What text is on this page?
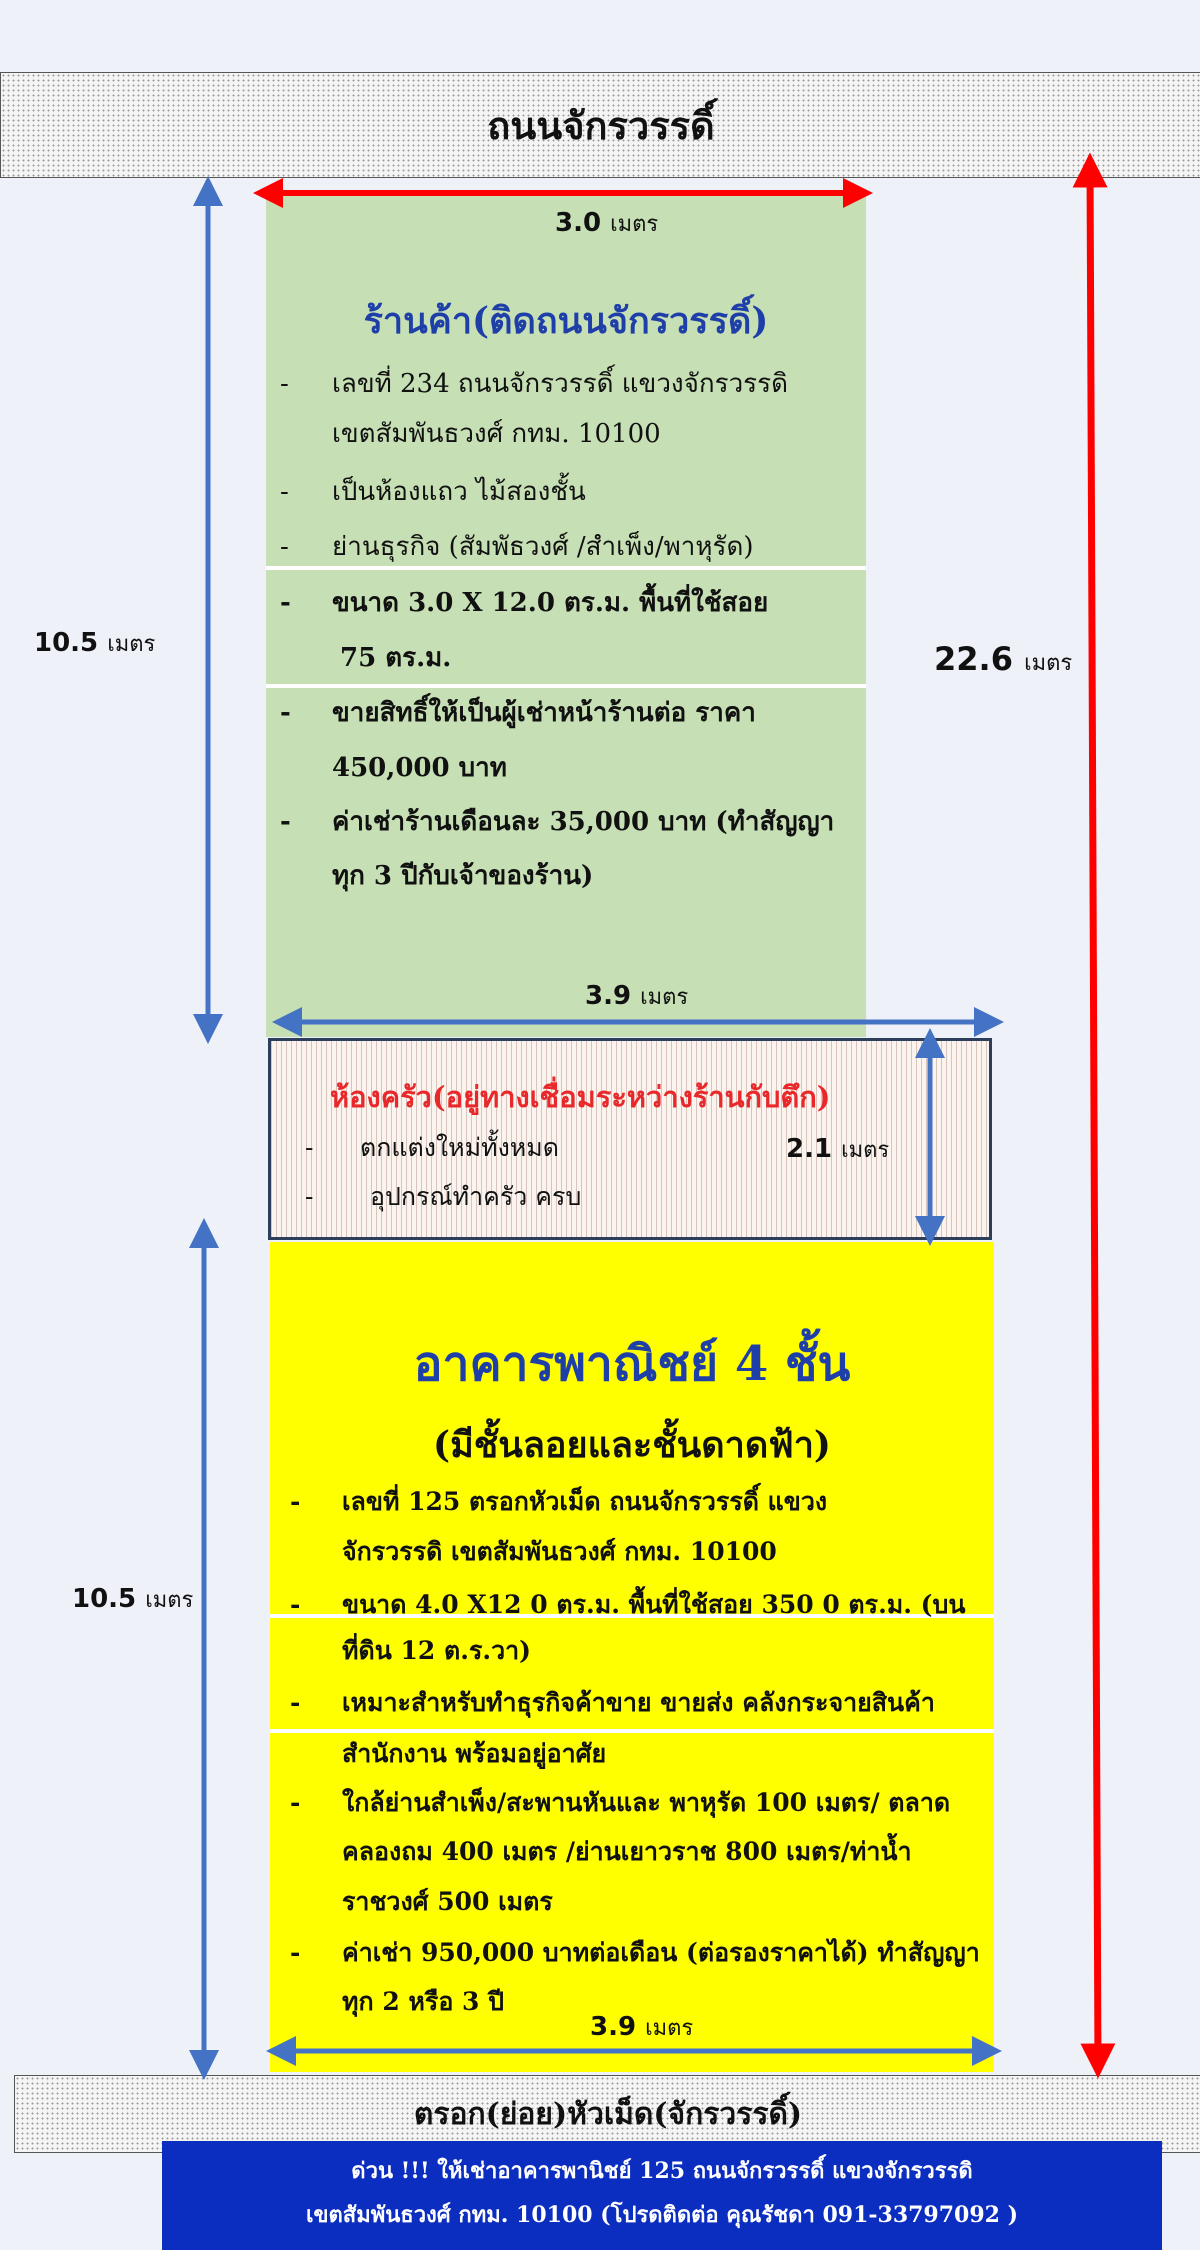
ถนนจักรวรรดิ์
ร้านค้า(ติดถนนจักรวรรดิ์)
- เลขที่ 234 ถนนจักรวรรดิ์ แขวงจักรวรรดิ
เขตสัมพันธวงศ์ กทม. 10100
- เป็นห้องแถว ไม้สองชั้น
- ย่านธุรกิจ (สัมพัธวงศ์ /สำเพ็ง/พาหุรัด)
- ขนาด 3.0 X 12.0 ตร.ม. พื้นที่ใช้สอย
75 ตร.ม.
- ขายสิทธิ์ให้เป็นผู้เช่าหน้าร้านต่อ ราคา
450,000 บาท
- ค่าเช่าร้านเดือนละ 35,000 บาท (ทำสัญญา
ทุก 3 ปีกับเจ้าของร้าน)
ห้องครัว(อยู่ทางเชื่อมระหว่างร้านกับตึก)
- ตกแต่งใหม่ทั้งหมด
- อุปกรณ์ทำครัว ครบ
อาคารพาณิชย์ 4 ชั้น
(มีชั้นลอยและชั้นดาดฟ้า)
- เลขที่ 125 ตรอกหัวเม็ด ถนนจักรวรรดิ์ แขวง
จักรวรรดิ เขตสัมพันธวงศ์ กทม. 10100
- ขนาด 4.0 X12 0 ตร.ม. พื้นที่ใช้สอย 350 0 ตร.ม. (บน
ที่ดิน 12 ต.ร.วา)
- เหมาะสำหรับทำธุรกิจค้าขาย ขายส่ง คลังกระจายสินค้า
สำนักงาน พร้อมอยู่อาศัย
- ใกล้ย่านสำเพ็ง/สะพานหันและ พาหุรัด 100 เมตร/ ตลาด
คลองถม 400 เมตร /ย่านเยาวราช 800 เมตร/ท่าน้ำ
ราชวงศ์ 500 เมตร
- ค่าเช่า 950,000 บาทต่อเดือน (ต่อรองราคาได้) ทำสัญญา
ทุก 2 หรือ 3 ปี
ตรอก(ย่อย)หัวเม็ด(จักรวรรดิ์)
ด่วน !!! ให้เช่าอาคารพานิชย์ 125 ถนนจักรวรรดิ์ แขวงจักรวรรดิ
เขตสัมพันธวงศ์ กทม. 10100 (โปรดติดต่อ คุณรัชดา 091-33797092 )
3.0 เมตร
10.5 เมตร	22.6 เมตร
3.9 เมตร
2.1 เมตร
10.5 เมตร
3.9 เมตร
